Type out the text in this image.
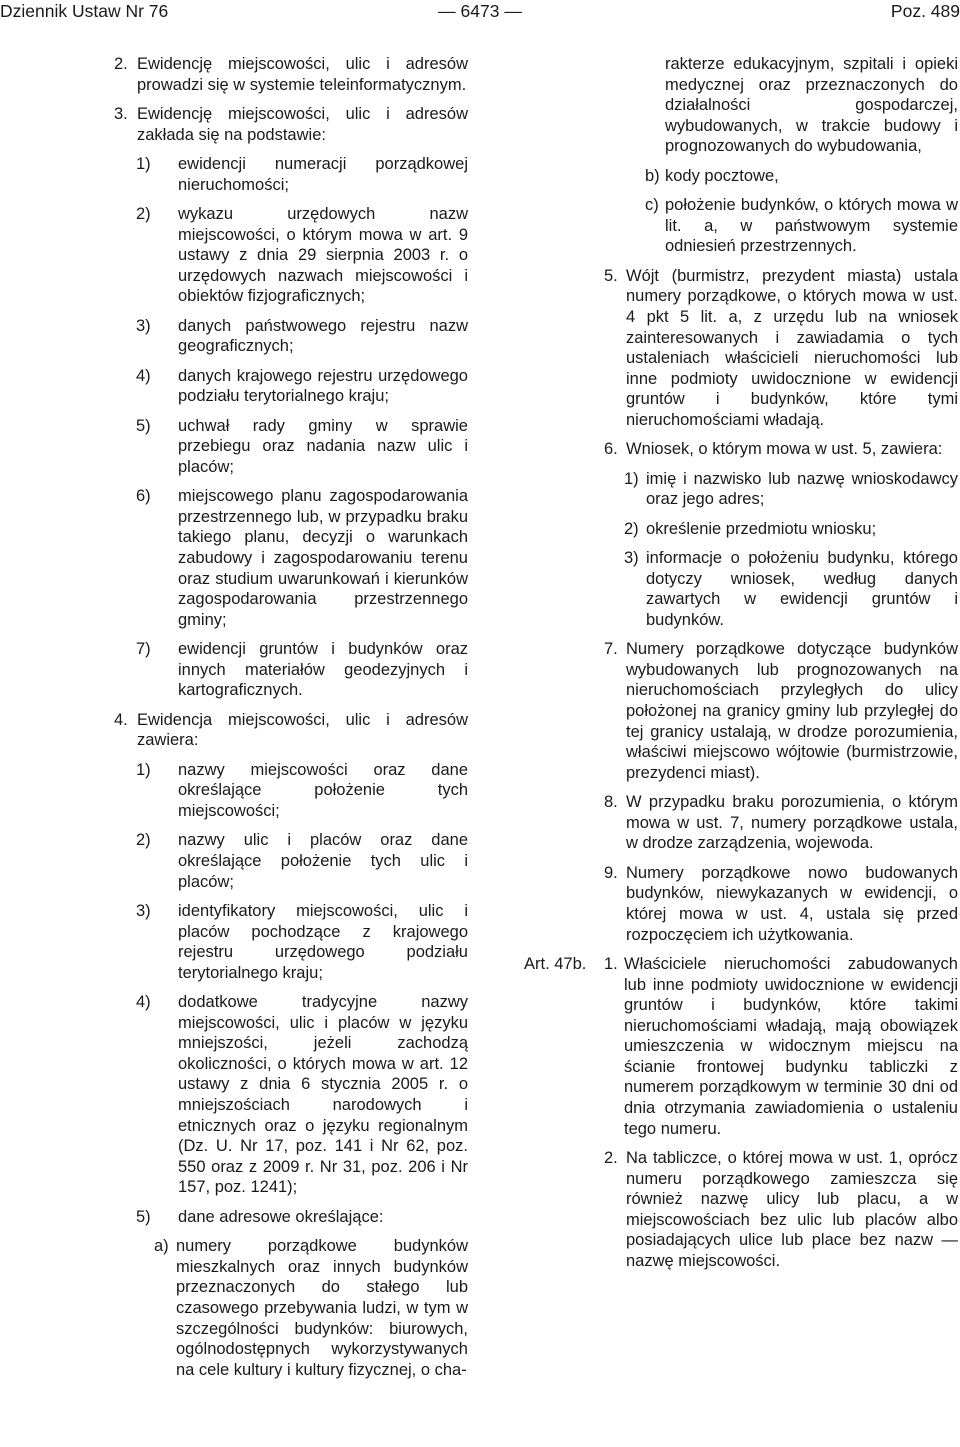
Dziennik Ustaw Nr 76	— 6473 —	Poz. 489
2. Ewidencję miejscowości, ulic i adresów prowadzi się w systemie teleinformatycznym.
3. Ewidencję miejscowości, ulic i adresów zakłada się na podstawie:
1)	ewidencji numeracji porządkowej nieruchomości;
2)	wykazu urzędowych nazw miejscowości, o którym mowa w art. 9 ustawy z dnia 29 sierpnia 2003 r. o urzędowych nazwach miejscowości i obiektów fizjograficznych;
3)	danych państwowego rejestru nazw geograficznych;
4)	danych krajowego rejestru urzędowego podziału terytorialnego kraju;
5)	uchwał rady gminy w sprawie przebiegu oraz nadania nazw ulic i placów;
6)	miejscowego planu zagospodarowania przestrzennego lub, w przypadku braku takiego planu, decyzji o warunkach zabudowy i zagospodarowaniu terenu oraz studium uwarunkowań i kierunków zagospodarowania przestrzennego gminy;
7)	ewidencji gruntów i budynków oraz innych materiałów geodezyjnych i kartograficznych.
4. Ewidencja miejscowości, ulic i adresów zawiera:
1)	nazwy miejscowości oraz dane określające położenie tych miejscowości;
2)	nazwy ulic i placów oraz dane określające położenie tych ulic i placów;
3)	identyfikatory miejscowości, ulic i placów pochodzące z krajowego rejestru urzędowego podziału terytorialnego kraju;
4)	dodatkowe tradycyjne nazwy miejscowości, ulic i placów w języku mniejszości, jeżeli zachodzą okoliczności, o których mowa w art. 12 ustawy z dnia 6 stycznia 2005 r. o mniejszościach narodowych i etnicznych oraz o języku regionalnym (Dz. U. Nr 17, poz. 141 i Nr 62, poz. 550 oraz z 2009 r. Nr 31, poz. 206 i Nr 157, poz. 1241);
5)	dane adresowe określające:
a) numery porządkowe budynków mieszkalnych oraz innych budynków przeznaczonych do stałego lub czasowego przebywania ludzi, w tym w szczególności budynków: biurowych, ogólnodostępnych wykorzystywanych na cele kultury i kultury fizycznej, o cha-
rakterze edukacyjnym, szpitali i opieki medycznej oraz przeznaczonych do działalności gospodarczej, wybudowanych, w trakcie budowy i prognozowanych do wybudowania,
b) kody pocztowe,
c) położenie budynków, o których mowa w lit. a, w państwowym systemie odniesień przestrzennych.
5. Wójt (burmistrz, prezydent miasta) ustala numery porządkowe, o których mowa w ust. 4 pkt 5 lit. a, z urzędu lub na wniosek zainteresowanych i zawiadamia o tych ustaleniach właścicieli nieruchomości lub inne podmioty uwidocznione w ewidencji gruntów i budynków, które tymi nieruchomościami władają.
6. Wniosek, o którym mowa w ust. 5, zawiera:
1) imię i nazwisko lub nazwę wnioskodawcy oraz jego adres;
2) określenie przedmiotu wniosku;
3) informacje o położeniu budynku, którego dotyczy wniosek, według danych zawartych w ewidencji gruntów i budynków.
7. Numery porządkowe dotyczące budynków wybudowanych lub prognozowanych na nieruchomościach przyległych do ulicy położonej na granicy gminy lub przyległej do tej granicy ustalają, w drodze porozumienia, właściwi miejscowo wójtowie (burmistrzowie, prezydenci miast).
8. W przypadku braku porozumienia, o którym mowa w ust. 7, numery porządkowe ustala, w drodze zarządzenia, wojewoda.
9. Numery porządkowe nowo budowanych budynków, niewykazanych w ewidencji, o której mowa w ust. 4, ustala się przed rozpoczęciem ich użytkowania.
Art. 47b.	1. Właściciele nieruchomości zabudowanych lub inne podmioty uwidocznione w ewidencji gruntów i budynków, które takimi nieruchomościami władają, mają obowiązek umieszczenia w widocznym miejscu na ścianie frontowej budynku tabliczki z numerem porządkowym w terminie 30 dni od dnia otrzymania zawiadomienia o ustaleniu tego numeru.
2. Na tabliczce, o której mowa w ust. 1, oprócz numeru porządkowego zamieszcza się również nazwę ulicy lub placu, a w miejscowościach bez ulic lub placów albo posiadających ulice lub place bez nazw — nazwę miejscowości.
